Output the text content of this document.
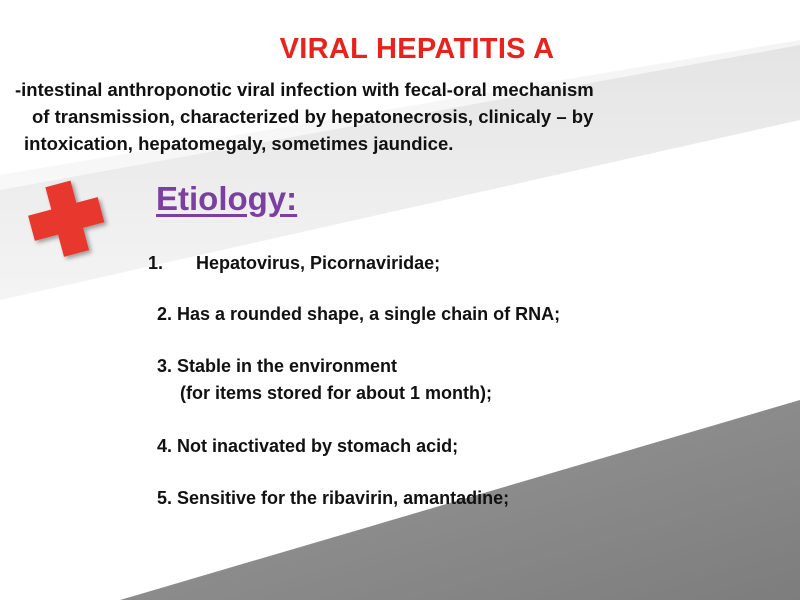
VIRAL HEPATITIS A
-intestinal anthroponotic viral infection with fecal-oral mechanism
of transmission, characterized by hepatonecrosis, clinicaly – by
intoxication, hepatomegaly, sometimes jaundice.
Etiology:
1. Hepatovirus, Picornaviridae;
2. Has a rounded shape, a single chain of RNA;
3. Stable in the environment
(for items stored for about 1 month);
4. Not inactivated by stomach acid;
5. Sensitive for the ribavirin, amantadine;
